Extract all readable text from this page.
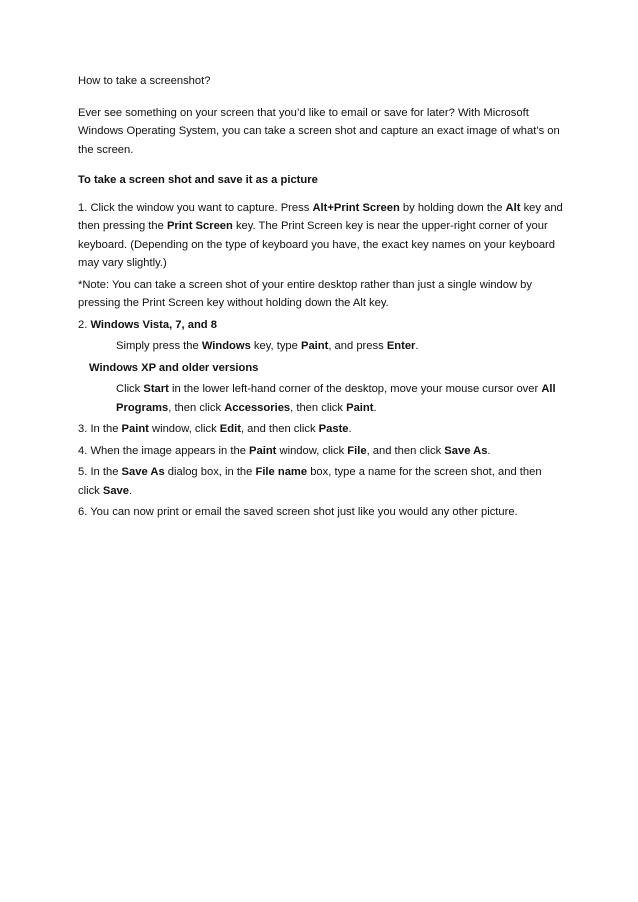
How to take a screenshot?

Ever see something on your screen that you’d like to email or save for later? With Microsoft Windows Operating System, you can take a screen shot and capture an exact image of what’s on the screen.

To take a screen shot and save it as a picture

1. Click the window you want to capture. Press Alt+Print Screen by holding down the Alt key and then pressing the Print Screen key. The Print Screen key is near the upper-right corner of your keyboard. (Depending on the type of keyboard you have, the exact key names on your keyboard may vary slightly.)

*Note: You can take a screen shot of your entire desktop rather than just a single window by pressing the Print Screen key without holding down the Alt key.

2. Windows Vista, 7, and 8

Simply press the Windows key, type Paint, and press Enter.

Windows XP and older versions

Click Start in the lower left-hand corner of the desktop, move your mouse cursor over All Programs, then click Accessories, then click Paint.

3. In the Paint window, click Edit, and then click Paste.

4. When the image appears in the Paint window, click File, and then click Save As.

5. In the Save As dialog box, in the File name box, type a name for the screen shot, and then click Save.

6. You can now print or email the saved screen shot just like you would any other picture.
